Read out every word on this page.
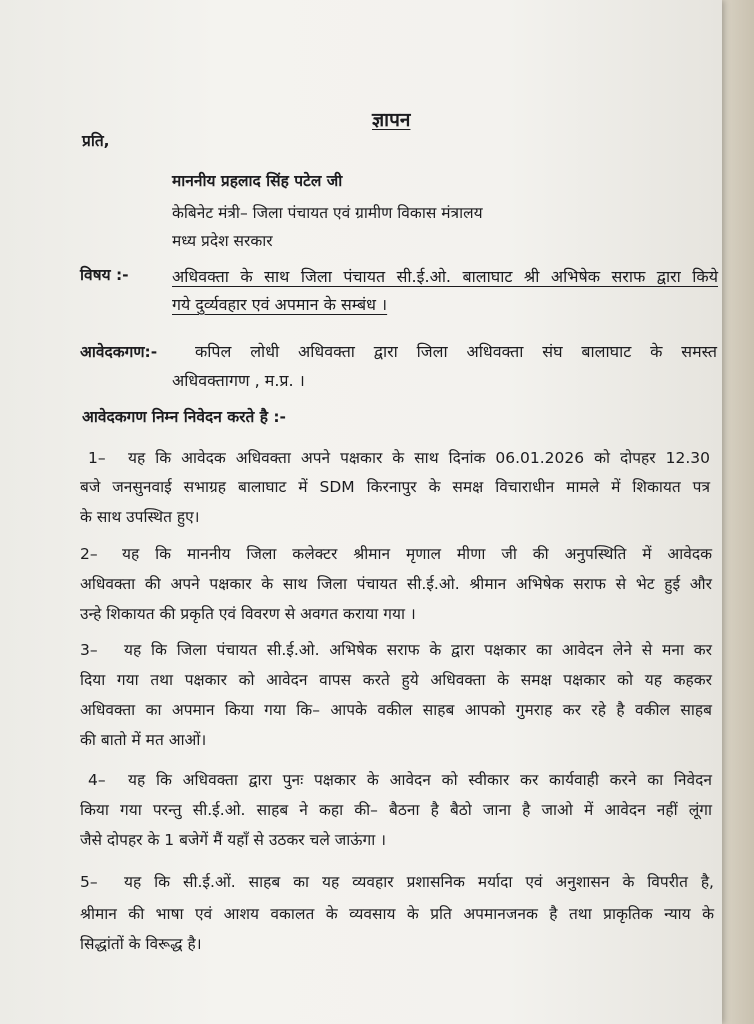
ज्ञापन
प्रति,
माननीय प्रहलाद सिंह पटेल जी
केबिनेट मंत्री– जिला पंचायत एवं ग्रामीण विकास मंत्रालय
मध्य प्रदेश सरकार
विषय :-	अधिवक्ता के साथ जिला पंचायत सी.ई.ओ. बालाघाट श्री अभिषेक सराफ द्वारा किये
गये दुर्व्यवहार एवं अपमान के सम्बंध ।
आवेदकगण:- कपिल लोधी अधिवक्ता द्वारा जिला अधिवक्ता संघ बालाघाट के समस्त
अधिवक्तागण , म.प्र. ।
आवेदकगण निम्न निवेदन करते है :-
1– यह कि आवेदक अधिवक्ता अपने पक्षकार के साथ दिनांक 06.01.2026 को दोपहर 12.30
बजे जनसुनवाई सभाग्रह बालाघाट में SDM किरनापुर के समक्ष विचाराधीन मामले में शिकायत पत्र
के साथ उपस्थित हुए।
2– यह कि माननीय जिला कलेक्टर श्रीमान मृणाल मीणा जी की अनुपस्थिति में आवेदक
अधिवक्ता की अपने पक्षकार के साथ जिला पंचायत सी.ई.ओ. श्रीमान अभिषेक सराफ से भेट हुई और
उन्हे शिकायत की प्रकृति एवं विवरण से अवगत कराया गया ।
3– यह कि जिला पंचायत सी.ई.ओ. अभिषेक सराफ के द्वारा पक्षकार का आवेदन लेने से मना कर
दिया गया तथा पक्षकार को आवेदन वापस करते हुये अधिवक्ता के समक्ष पक्षकार को यह कहकर
अधिवक्ता का अपमान किया गया कि– आपके वकील साहब आपको गुमराह कर रहे है वकील साहब
की बातो में मत आओं।
4– यह कि अधिवक्ता द्वारा पुनः पक्षकार के आवेदन को स्वीकार कर कार्यवाही करने का निवेदन
किया गया परन्तु सी.ई.ओ. साहब ने कहा की– बैठना है बैठो जाना है जाओ में आवेदन नहीं लूंगा
जैसे दोपहर के 1 बजेगें मैं यहाँ से उठकर चले जाऊंगा ।
5– यह कि सी.ई.ओं. साहब का यह व्यवहार प्रशासनिक मर्यादा एवं अनुशासन के विपरीत है,
श्रीमान की भाषा एवं आशय वकालत के व्यवसाय के प्रति अपमानजनक है तथा प्राकृतिक न्याय के
सिद्धांतों के विरूद्ध है।
